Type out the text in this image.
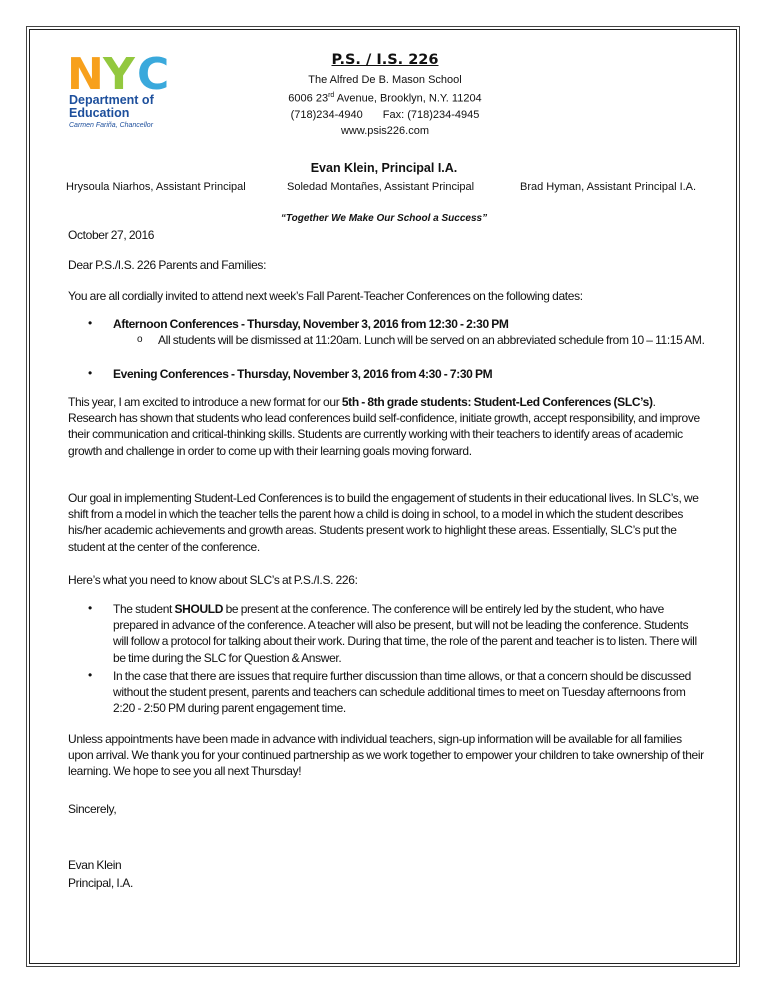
N Y C
Department of
Education
Carmen Fariña, Chancellor
P.S. / I.S. 226
The Alfred De B. Mason School
6006 23rd Avenue, Brooklyn, N.Y. 11204
(718)234-4940 Fax: (718)234-4945
www.psis226.com
Evan Klein, Principal I.A.
Hrysoula Niarhos, Assistant Principal	Soledad Montañes, Assistant Principal	Brad Hyman, Assistant Principal I.A.
“Together We Make Our School a Success”
October 27, 2016
Dear P.S./I.S. 226 Parents and Families:
You are all cordially invited to attend next week’s Fall Parent-Teacher Conferences on the following dates:
• Afternoon Conferences - Thursday, November 3, 2016 from 12:30 - 2:30 PM
o All students will be dismissed at 11:20am. Lunch will be served on an abbreviated schedule from 10 – 11:15 AM.
• Evening Conferences - Thursday, November 3, 2016 from 4:30 - 7:30 PM
This year, I am excited to introduce a new format for our 5th - 8th grade students: Student-Led Conferences (SLC’s). Research has shown that students who lead conferences build self-confidence, initiate growth, accept responsibility, and improve their communication and critical-thinking skills. Students are currently working with their teachers to identify areas of academic growth and challenge in order to come up with their learning goals moving forward.
Our goal in implementing Student-Led Conferences is to build the engagement of students in their educational lives. In SLC’s, we shift from a model in which the teacher tells the parent how a child is doing in school, to a model in which the student describes his/her academic achievements and growth areas. Students present work to highlight these areas. Essentially, SLC’s put the student at the center of the conference.
Here’s what you need to know about SLC’s at P.S./I.S. 226:
• The student SHOULD be present at the conference. The conference will be entirely led by the student, who have prepared in advance of the conference. A teacher will also be present, but will not be leading the conference. Students will follow a protocol for talking about their work. During that time, the role of the parent and teacher is to listen. There will be time during the SLC for Question & Answer.
• In the case that there are issues that require further discussion than time allows, or that a concern should be discussed without the student present, parents and teachers can schedule additional times to meet on Tuesday afternoons from 2:20 - 2:50 PM during parent engagement time.
Unless appointments have been made in advance with individual teachers, sign-up information will be available for all families upon arrival. We thank you for your continued partnership as we work together to empower your children to take ownership of their learning. We hope to see you all next Thursday!
Sincerely,
Evan Klein
Principal, I.A.
